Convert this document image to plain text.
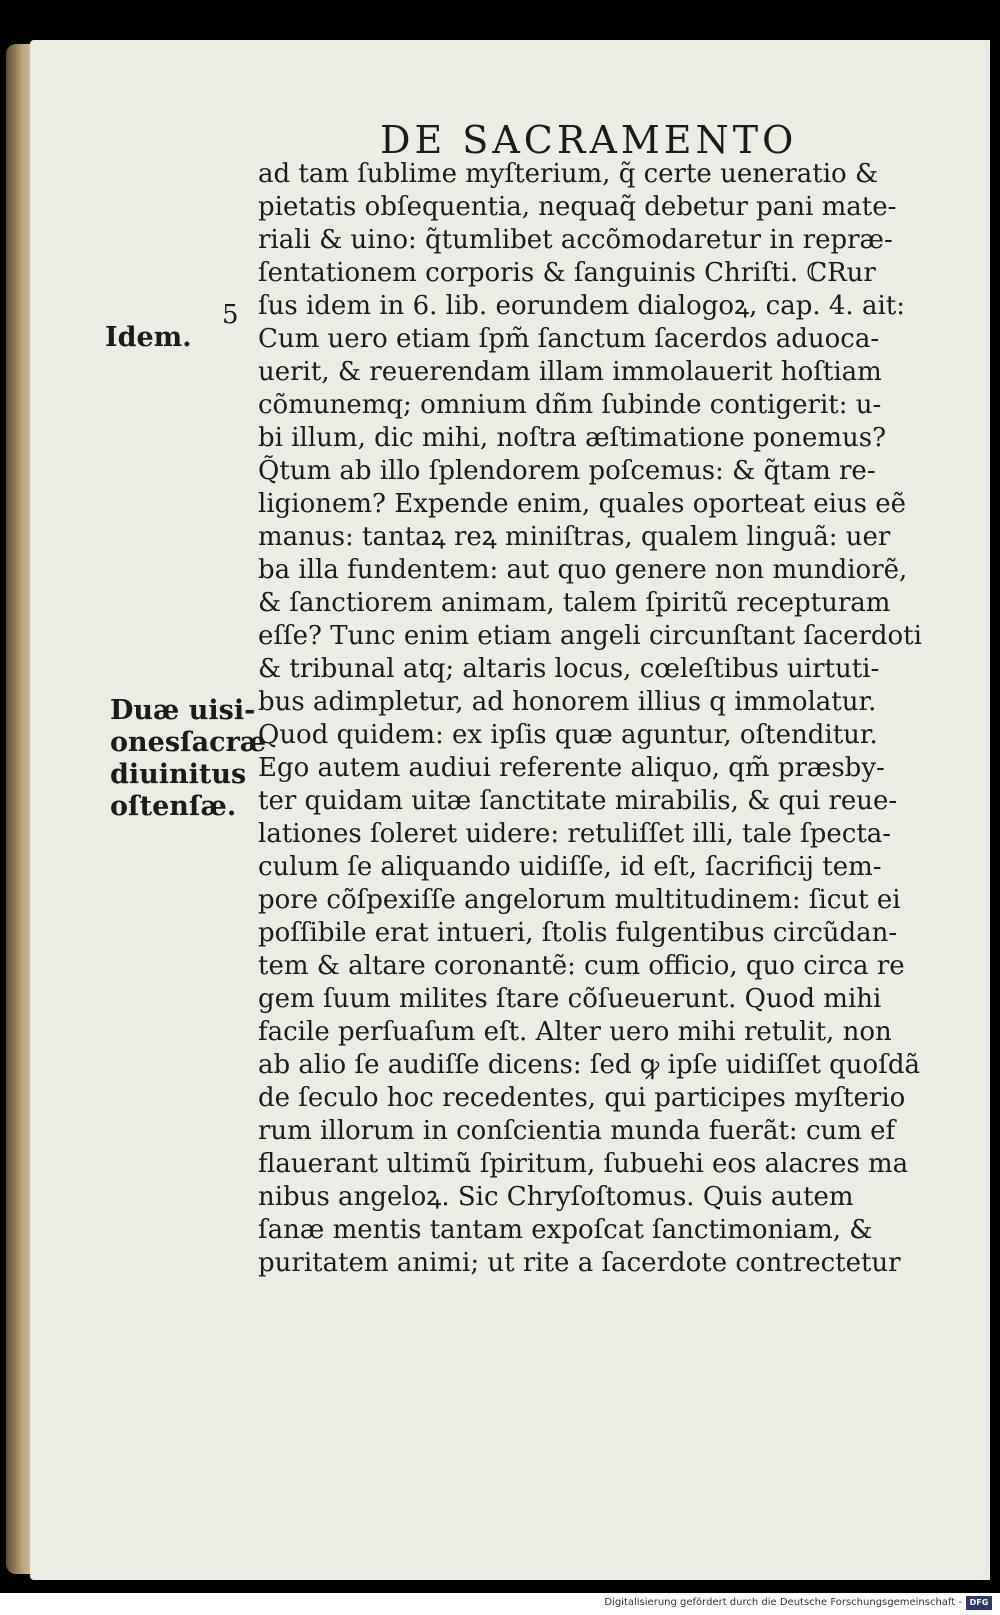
DE SACRAMENTO
5
Idem.
Duæ uisi-
onesſacræ
diuinitus
oſtenſæ.
ad tam ſublime myſterium, q̃ certe ueneratio &
pietatis obſequentia, nequaq̃ debetur pani mate-
riali & uino: q̃tumlibet accõmodaretur in repræ-
ſentationem corporis & ſanguinis Chriſti. ℂRur
ſus idem in 6. lib. eorundem dialogoꝝ, cap. 4. ait:
Cum uero etiam ſpm̃ ſanctum ſacerdos aduoca-
uerit, & reuerendam illam immolauerit hoſtiam
cõmunemq; omnium dñm ſubinde contigerit: u-
bi illum, dic mihi, noſtra æſtimatione ponemus?
Q̃tum ab illo ſplendorem poſcemus: & q̃tam re-
ligionem? Expende enim, quales oporteat eius eẽ
manus: tantaꝝ reꝝ miniſtras, qualem linguã: uer
ba illa fundentem: aut quo genere non mundiorẽ,
& ſanctiorem animam, talem ſpiritũ recepturam
eſſe? Tunc enim etiam angeli circunſtant ſacerdoti
& tribunal atq; altaris locus, cœleſtibus uirtuti-
bus adimpletur, ad honorem illius q immolatur.
Quod quidem: ex ipſis quæ aguntur, oſtenditur.
Ego autem audiui referente aliquo, qm̃ præsby-
ter quidam uitæ ſanctitate mirabilis, & qui reue-
lationes ſoleret uidere: retuliſſet illi, tale ſpecta-
culum ſe aliquando uidiſſe, id eſt, ſacrificij tem-
pore cõſpexiſſe angelorum multitudinem: ſicut ei
poſſibile erat intueri, ſtolis fulgentibus circũdan-
tem & altare coronantẽ: cum officio, quo circa re
gem ſuum milites ſtare cõſueuerunt. Quod mihi
facile perſuaſum eſt. Alter uero mihi retulit, non
ab alio ſe audiſſe dicens: ſed ꝙ ipſe uidiſſet quoſdã
de ſeculo hoc recedentes, qui participes myſterio
rum illorum in conſcientia munda fuerãt: cum ef
flauerant ultimũ ſpiritum, ſubuehi eos alacres ma
nibus angeloꝝ. Sic Chryſoſtomus. Quis autem
ſanæ mentis tantam expoſcat ſanctimoniam, &
puritatem animi; ut rite a ſacerdote contrectetur
Digitalisierung gefördert durch die Deutsche Forschungsgemeinschaft - DFG
